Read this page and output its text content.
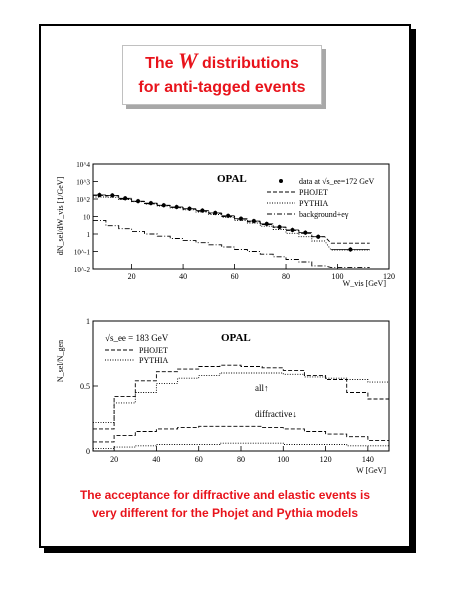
The W distributions
for anti-tagged events
dN_sel/dW_vis [1/GeV]
W_vis [GeV]
OPAL
20	40	60	80	100	120
10^-2
10^-1
1
10
10^2
10^3
10^4
data at √s_ee=172 GeV
PHOJET
PYTHIA
background+eγ
N_sel/N_gen
W [GeV]
√s_ee = 183 GeV	OPAL
all↑
diffractive↓
20	40	60	80	100	120	140
0
0.5
1
PHOJET
PYTHIA
The acceptance for diffractive and elastic events is
very different for the Phojet and Pythia models
